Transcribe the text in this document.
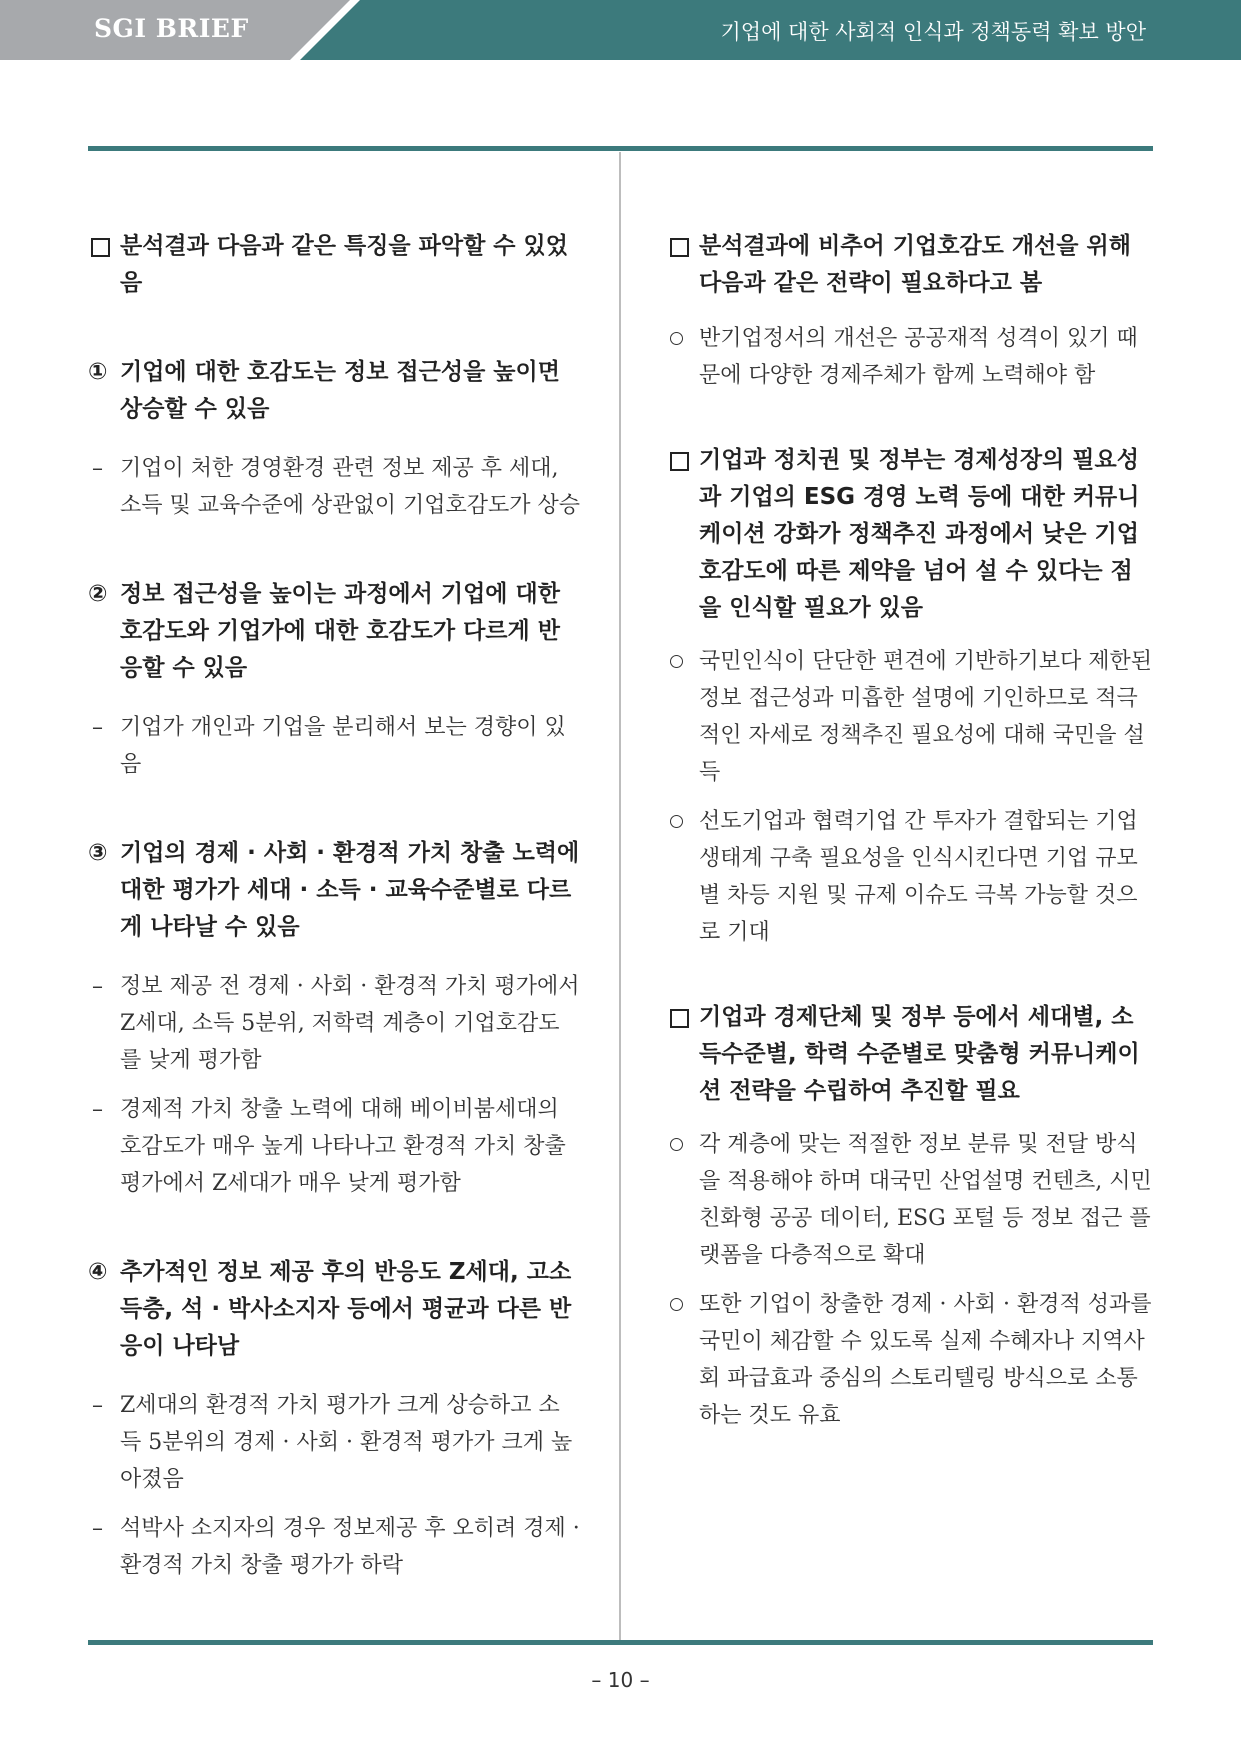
SGI BRIEF	기업에 대한 사회적 인식과 정책동력 확보 방안
분석결과 다음과 같은 특징을 파악할 수 있었음
① 기업에 대한 호감도는 정보 접근성을 높이면 상승할 수 있음
– 기업이 처한 경영환경 관련 정보 제공 후 세대, 소득 및 교육수준에 상관없이 기업호감도가 상승
② 정보 접근성을 높이는 과정에서 기업에 대한 호감도와 기업가에 대한 호감도가 다르게 반응할 수 있음
– 기업가 개인과 기업을 분리해서 보는 경향이 있음
③ 기업의 경제 · 사회 · 환경적 가치 창출 노력에 대한 평가가 세대 · 소득 · 교육수준별로 다르게 나타날 수 있음
– 정보 제공 전 경제 · 사회 · 환경적 가치 평가에서 Z세대, 소득 5분위, 저학력 계층이 기업호감도를 낮게 평가함
– 경제적 가치 창출 노력에 대해 베이비붐세대의 호감도가 매우 높게 나타나고 환경적 가치 창출 평가에서 Z세대가 매우 낮게 평가함
④ 추가적인 정보 제공 후의 반응도 Z세대, 고소득층, 석 · 박사소지자 등에서 평균과 다른 반응이 나타남
– Z세대의 환경적 가치 평가가 크게 상승하고 소득 5분위의 경제 · 사회 · 환경적 평가가 크게 높아졌음
– 석박사 소지자의 경우 정보제공 후 오히려 경제 · 환경적 가치 창출 평가가 하락
분석결과에 비추어 기업호감도 개선을 위해 다음과 같은 전략이 필요하다고 봄
반기업정서의 개선은 공공재적 성격이 있기 때문에 다양한 경제주체가 함께 노력해야 함
기업과 정치권 및 정부는 경제성장의 필요성과 기업의 ESG 경영 노력 등에 대한 커뮤니케이션 강화가 정책추진 과정에서 낮은 기업호감도에 따른 제약을 넘어 설 수 있다는 점을 인식할 필요가 있음
국민인식이 단단한 편견에 기반하기보다 제한된 정보 접근성과 미흡한 설명에 기인하므로 적극적인 자세로 정책추진 필요성에 대해 국민을 설득
선도기업과 협력기업 간 투자가 결합되는 기업생태계 구축 필요성을 인식시킨다면 기업 규모별 차등 지원 및 규제 이슈도 극복 가능할 것으로 기대
기업과 경제단체 및 정부 등에서 세대별, 소득수준별, 학력 수준별로 맞춤형 커뮤니케이션 전략을 수립하여 추진할 필요
각 계층에 맞는 적절한 정보 분류 및 전달 방식을 적용해야 하며 대국민 산업설명 컨텐츠, 시민 친화형 공공 데이터, ESG 포털 등 정보 접근 플랫폼을 다층적으로 확대
또한 기업이 창출한 경제 · 사회 · 환경적 성과를 국민이 체감할 수 있도록 실제 수혜자나 지역사회 파급효과 중심의 스토리텔링 방식으로 소통하는 것도 유효
– 10 –
